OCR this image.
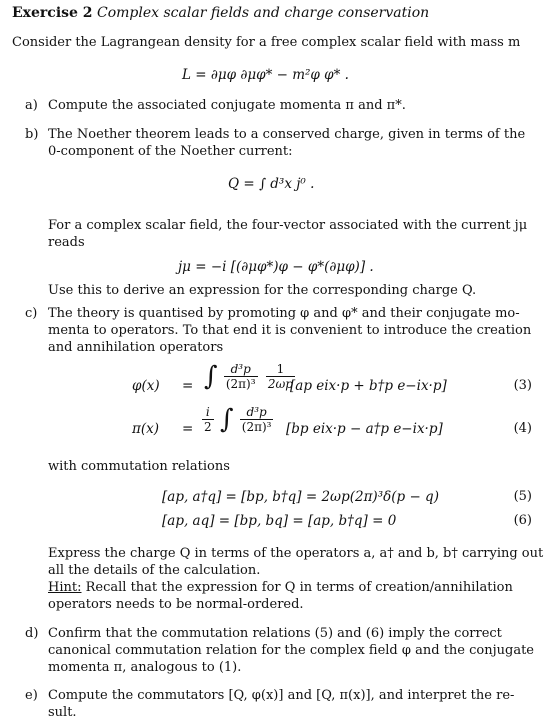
Exercise 2 Complex scalar fields and charge conservation
Consider the Lagrangean density for a free complex scalar field with mass m
L = ∂μφ ∂μφ* − m²φ φ* .
a) Compute the associated conjugate momenta π and π*.
b) The Noether theorem leads to a conserved charge, given in terms of the
0-component of the Noether current:
Q = ∫ d³x j⁰ .
For a complex scalar field, the four-vector associated with the current jμ
reads
jμ = −i [(∂μφ*)φ − φ*(∂μφ)] .
Use this to derive an expression for the corresponding charge Q.
c) The theory is quantised by promoting φ and φ* and their conjugate mo-
menta to operators. To that end it is convenient to introduce the creation
and annihilation operators
φ(x) = ∫ $\frac{\text{d³p}}{\text{(2π)³}}$
$\frac{1}{2\omega p}$
[ap eix·p + b†p e−ix·p]	(3)
$\pi(x) = \frac{i}{2}$ ∫ $\frac{\text{d³p}}{\text{(2π)³}} [bp$ eix·p − a†p e−ix·p]	(4)
with commutation relations
[ap, a†q] = [bp, b†q] = 2ωp(2π)³δ(p − q)	(5)
[ap, aq] = [bp, bq] = [ap, b†q] = 0	(6)
Express the charge Q in terms of the operators a, a† and b, b† carrying out
all the details of the calculation.
Hint: Recall that the expression for Q in terms of creation/annihilation
operators needs to be normal-ordered.
d) Confirm that the commutation relations (5) and (6) imply the correct
canonical commutation relation for the complex field φ and the conjugate
momenta π, analogous to (1).
e) Compute the commutators [Q, φ(x)] and [Q, π(x)], and interpret the re-
sult.
